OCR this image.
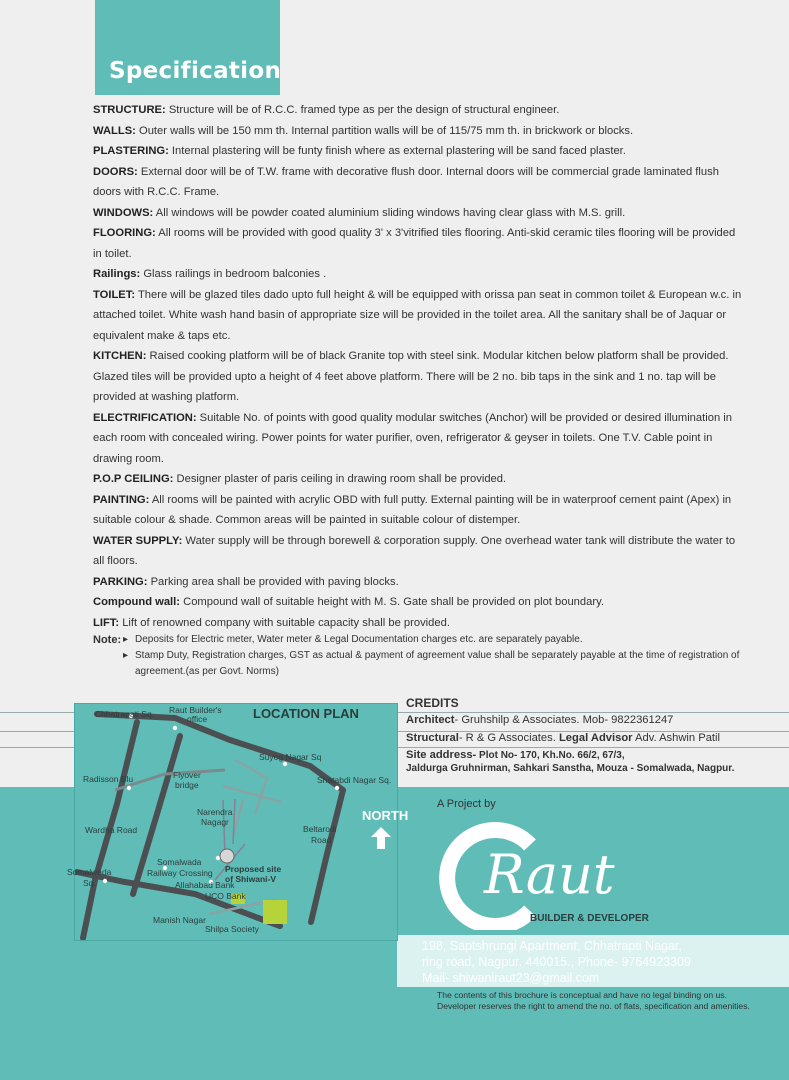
Specification

STRUCTURE: Structure will be of R.C.C. framed type as per the design of structural engineer.

WALLS: Outer walls will be 150 mm th. Internal partition walls will be of 115/75 mm th. in brickwork or blocks.

PLASTERING: Internal plastering will be funty finish where as external plastering will be sand faced plaster.

DOORS: External door will be of T.W. frame with decorative flush door. Internal doors will be commercial grade laminated flush doors with R.C.C. Frame.

WINDOWS: All windows will be powder coated aluminium sliding windows having clear glass with M.S. grill.

FLOORING: All rooms will be provided with good quality 3' x 3'vitrified tiles flooring. Anti-skid ceramic tiles flooring will be provided in toilet.

Railings: Glass railings in bedroom balconies .

TOILET: There will be glazed tiles dado upto full height & will be equipped with orissa pan seat in common toilet & European w.c. in attached toilet. White wash hand basin of appropriate size will be provided in the toilet area. All the sanitary shall be of Jaquar or equivalent make & taps etc.

KITCHEN: Raised cooking platform will be of black Granite top with steel sink. Modular kitchen below platform shall be provided. Glazed tiles will be provided upto a height of 4 feet above platform. There will be 2 no. bib taps in the sink and 1 no. tap will be provided at washing platform.

ELECTRIFICATION: Suitable No. of points with good quality modular switches (Anchor) will be provided or desired illumination in each room with concealed wiring. Power points for water purifier, oven, refrigerator & geyser in toilets. One T.V. Cable point in drawing room.

P.O.P CEILING: Designer plaster of paris ceiling in drawing room shall be provided.

PAINTING: All rooms will be painted with acrylic OBD with full putty. External painting will be in waterproof cement paint (Apex) in suitable colour & shade. Common areas will be painted in suitable colour of distemper.

WATER SUPPLY: Water supply will be through borewell & corporation supply. One overhead water tank will distribute the water to all floors.

PARKING: Parking area shall be provided with paving blocks.

Compound wall: Compound wall of suitable height with M. S. Gate shall be provided on plot boundary.

LIFT: Lift of renowned company with suitable capacity shall be provided.

Note:
▸	Deposits for Electric meter, Water meter & Legal Documentation charges etc. are separately payable.
▸ Stamp Duty, Registration charges, GST as actual & payment of agreement value shall be separately payable at the time of registration of agreement.(as per Govt. Norms)
CREDITS
Architect- Gruhshilp & Associates. Mob- 9822361247
Structural- R & G Associates. Legal Advisor Adv. Ashwin Patil
Site address- Plot No- 170, Kh.No. 66/2, 67/3,
Jaldurga Gruhnirman, Sahkari Sanstha, Mouza - Somalwada, Nagpur.
LOCATION PLAN
Chhatrapati Sq. Raut Builder's
office
Suyog Nagar Sq
Shatabdi Nagar Sq.
Radisson Blu	Flyover
bridge
Narendra
Nagagr
Wardha Road	Beltarodi
Road
Proposed site
of Shiwani-V
Somalwada
Sq.
Somalwada
Railway Crossing
Allahabad Bank
UCO Bank
Manish Nagar
Shilpa Society
NORTH
A Project by
Raut
BUILDER & DEVELOPER
198, Saptshrungi Apartment, Chhatrapti Nagar,
ring road, Nagpur. 440015., Phone- 9764923309
Mail- shiwaniraut23@gmail.com
The contents of this brochure is conceptual and have no legal binding on us.
Developer reserves the right to amend the no. of flats, specification and amenities.
